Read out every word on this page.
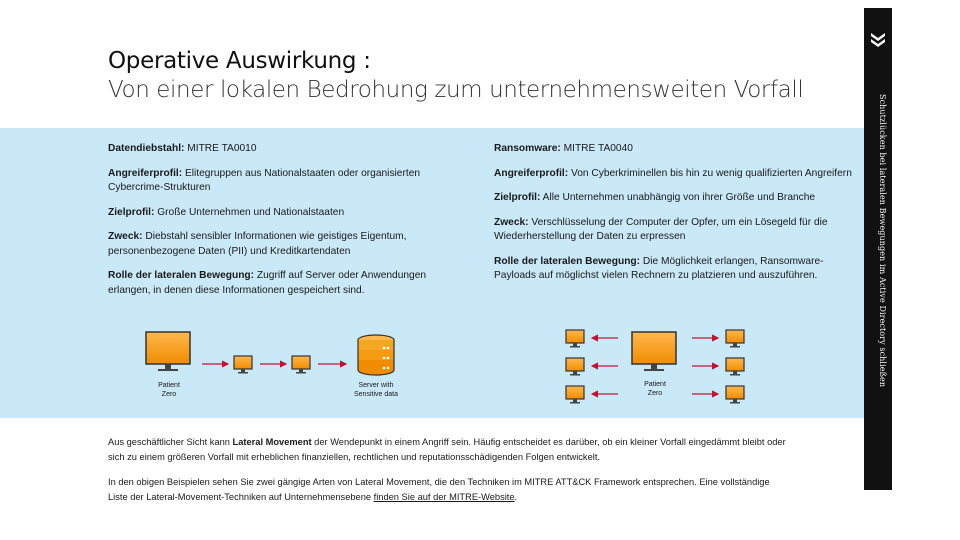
Operative Auswirkung :
Von einer lokalen Bedrohung zum unternehmensweiten Vorfall

Datendiebstahl: MITRE TA0010

Angreiferprofil: Elitegruppen aus Nationalstaaten oder organisierten Cybercrime-Strukturen

Zielprofil: Große Unternehmen und Nationalstaaten

Zweck: Diebstahl sensibler Informationen wie geistiges Eigentum, personenbezogene Daten (PII) und Kreditkartendaten

Rolle der lateralen Bewegung: Zugriff auf Server oder Anwendungen erlangen, in denen diese Informationen gespeichert sind.

Ransomware: MITRE TA0040

Angreiferprofil: Von Cyberkriminellen bis hin zu wenig qualifizierten Angreifern

Zielprofil: Alle Unternehmen unabhängig von ihrer Größe und Branche

Zweck: Verschlüsselung der Computer der Opfer, um ein Lösegeld für die Wiederherstellung der Daten zu erpressen

Rolle der lateralen Bewegung: Die Möglichkeit erlangen, Ransomware-Payloads auf möglichst vielen Rechnern zu platzieren und auszuführen.

Patient
Zero
Server with
Sensitive data
Patient
Zero
Aus geschäftlicher Sicht kann Lateral Movement der Wendepunkt in einem Angriff sein. Häufig entscheidet es darüber, ob ein kleiner Vorfall eingedämmt bleibt oder sich zu einem größeren Vorfall mit erheblichen finanziellen, rechtlichen und reputationsschädigenden Folgen entwickelt.
In den obigen Beispielen sehen Sie zwei gängige Arten von Lateral Movement, die den Techniken im MITRE ATT&CK Framework entsprechen. Eine vollständige Liste der Lateral-Movement-Techniken auf Unternehmensebene finden Sie auf der MITRE-Website.
Schutzlücken bei lateralen Bewegungen im Active Directory schließen
